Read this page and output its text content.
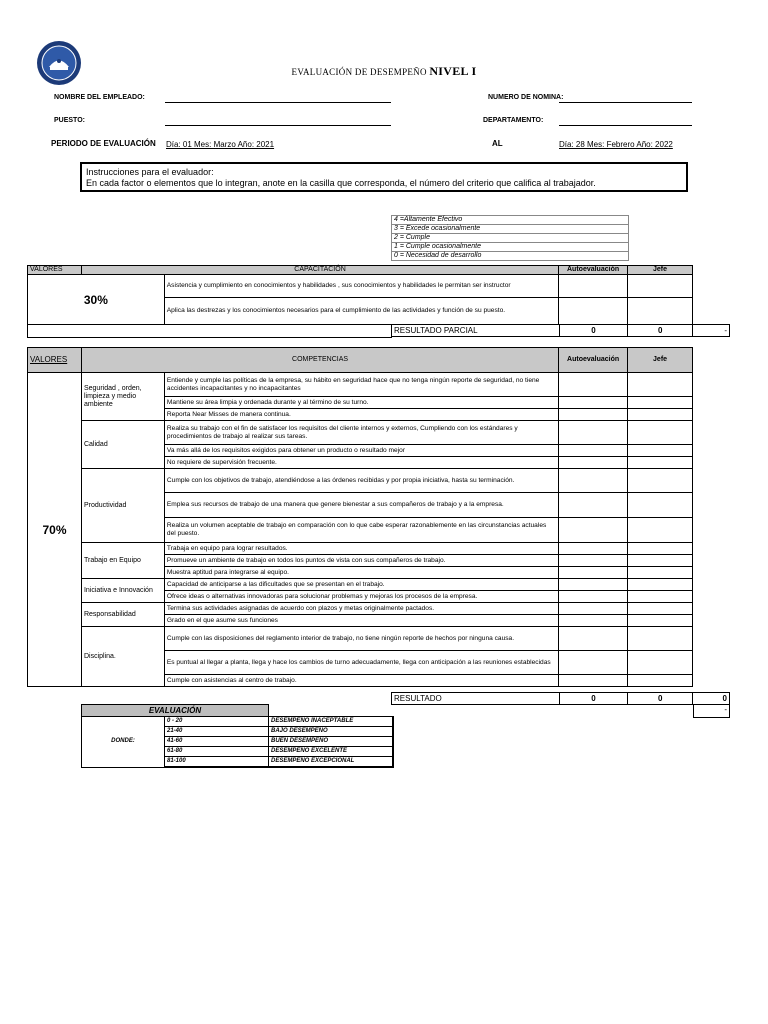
EVALUACIÓN DE DESEMPEÑO NIVEL I
NOMBRE DEL EMPLEADO:	NUMERO DE NOMINA:
PUESTO:	DEPARTAMENTO:
PERIODO DE EVALUACIÓN Día: 01 Mes: Marzo Año: 2021	AL	Día: 28 Mes: Febrero Año: 2022
Instrucciones para el evaluador:
En cada factor o elementos que lo integran, anote en la casilla que corresponda, el número del criterio que califica al trabajador.
4 =Altamente Efectivo
3 = Excede ocasionalmente
2 = Cumple
1 = Cumple ocasionalmente
0 = Necesidad de desarrollo
VALORES	CAPACITACIÓN		Autoevaluación	Jefe
30%		Asistencia y cumplimiento en conocimientos y habilidades , sus conocimientos y habilidades le permitan ser instructor		
		Aplica las destrezas y los conocimientos necesarios para el cumplimiento de las actividades y función de su puesto.		
RESULTADO PARCIAL	0	0	-
VALORES	COMPETENCIAS		Autoevaluación	Jefe
70%	Seguridad , orden, limpieza y medio ambiente	Entiende y cumple las políticas de la empresa, su hábito en seguridad hace que no tenga ningún reporte de seguridad, no tiene accidentes incapacitantes y no incapacitantes		
		Mantiene su área limpia y ordenada durante y al término de su turno.		
		Reporta Near Misses de manera continua.		
	Calidad	Realiza su trabajo con el fin de satisfacer los requisitos del cliente internos y externos, Cumpliendo con los estándares y procedimientos de trabajo al realizar sus tareas.		
		Va más allá de los requisitos exigidos para obtener un producto o resultado mejor		
		No requiere de supervisión frecuente.		
	Productividad	Cumple con los objetivos de trabajo, atendiéndose a las órdenes recibidas y por propia iniciativa, hasta su terminación.		
		Emplea sus recursos de trabajo de una manera que genere bienestar a sus compañeros de trabajo y a la empresa.		
		Realiza un volumen aceptable de trabajo en comparación con lo que cabe esperar razonablemente en las circunstancias actuales del puesto.		
	Trabajo en Equipo	Trabaja en equipo para lograr resultados.		
		Promueve un ambiente de trabajo en todos los puntos de vista con sus compañeros de trabajo.		
		Muestra aptitud para integrarse al equipo.		
	Iniciativa e Innovación	Capacidad de anticiparse a las dificultades que se presentan en el trabajo.		
		Ofrece ideas o alternativas innovadoras para solucionar problemas y mejoras los procesos de la empresa.		
	Responsabilidad	Termina sus actividades asignadas de acuerdo con plazos y metas originalmente pactados.		
		Grado en el que asume sus funciones		
	Disciplina.	Cumple con las disposiciones del reglamento interior de trabajo, no tiene ningún reporte de hechos por ninguna causa.		
		Es puntual al llegar a planta, llega y hace los cambios de turno adecuadamente, llega con anticipación a las reuniones establecidas		
		Cumple con asistencias al centro de trabajo.		
RESULTADO	0	0	0
-
EVALUACIÓN		
DONDE:	0 - 20	DESEMPEÑO INACEPTABLE
	21-40	BAJO DESEMPEÑO
	41-60	BUEN DESEMPEÑO
	61-80	DESEMPEÑO EXCELENTE
	81-100	DESEMPEÑO EXCEPCIONAL
